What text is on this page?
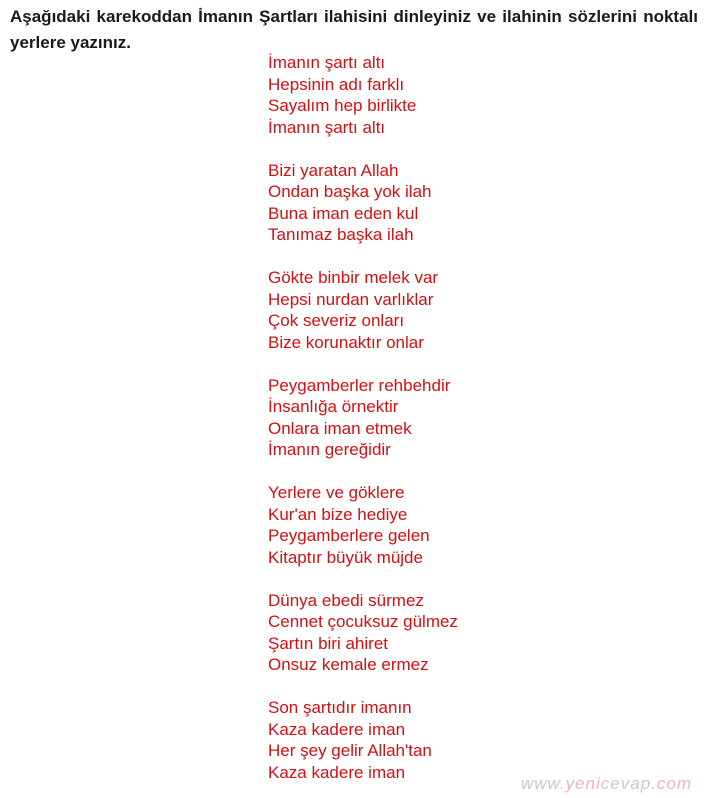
Aşağıdaki karekoddan İmanın Şartları ilahisini dinleyiniz ve ilahinin sözlerini noktalı yerlere yazınız.
İmanın şartı altı
Hepsinin adı farklı
Sayalım hep birlikte
İmanın şartı altı
Bizi yaratan Allah
Ondan başka yok ilah
Buna iman eden kul
Tanımaz başka ilah
Gökte binbir melek var
Hepsi nurdan varlıklar
Çok severiz onları
Bize korunaktır onlar
Peygamberler rehbehdir
İnsanlığa örnektir
Onlara iman etmek
İmanın gereğidir
Yerlere ve göklere
Kur'an bize hediye
Peygamberlere gelen
Kitaptır büyük müjde
Dünya ebedi sürmez
Cennet çocuksuz gülmez
Şartın biri ahiret
Onsuz kemale ermez
Son şartıdır imanın
Kaza kadere iman
Her şey gelir Allah'tan
Kaza kadere iman
www.yenicevap.com
